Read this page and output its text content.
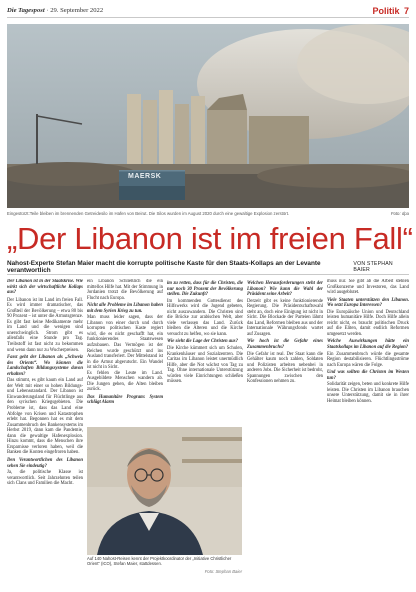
Die Tagespost · 29. September 2022	Politik 7
MAERSK
Eingestürzt:Teile bleiben im brennenden Getreidesilo im Hafen von Beirut. Die Silos wurden im August 2020 durch eine gewaltige Explosion zerstört.	Foto: dpa
„Der Libanon ist im freien Fall“
Nahost-Experte Stefan Maier macht die korrupte politische Kaste für den Staats-Kollaps an der Levante verantwortlich
VON STEPHAN BAIER

Der Libanon ist in der Staatskrise. Wie wirkt sich der wirtschaftliche Kollaps aus?

Der Libanon ist im Land im freien Fall. Es wird immer dramatischer, das Großteil der Bevölkerung – etwa 80 bis 90 Prozent – ist unter die Armutsgrenze. Es gibt fast keine Medikamente mehr im Land und die wenigen sind unerschwinglich. Strom gibt es allenfalls eine Stunde pro Tag. Treibstoff ist fast nicht zu bekommen und wenn dann nur zu Wucherpreisen.

Fasst geht der Libanon als „Schweiz des Orients“. Wo können die Landschaften Bildungssysteme davon erhalten?

Das stimmt, es gibt kaum ein Land auf der Welt mit einer so hohen Bildungs- und Lebensstandard. Der Libanon ist Einwanderungsland für Flüchtlinge aus den syrischen Kriegsgebieten. Die Probleme ist, dass das Land eine Abfolge von Krisen und Katastrophen erlebt hat. Begonnen hat es mit dem Zusammenbruch des Bankensystems im Herbst 2019, dann kam die Pandemie, dann die gewaltige Hafenexplosion. Hinzu kommt, dass die Menschen ihre Ersparnisse verloren haben, weil die Banken die Konten eingefroren haben.

Den Verantwortlichen des Libanon sehen Sie eindeutig?

Ja, die politische Klasse ist verantwortlich. Seit Jahrzehnten teilen sich Clans und Familien die Macht.

ein Libanon Schließlich die ein mittellos Hilfe hat. Mit der Stimmung in Jordanien trotzt die Bevölkerung auf Flucht nach Europa.

Nicht alle Probleme im Libanon haben mit dem Syrien Krieg zu tun.

Man muss leider sagen, dass der Libanon von einer durch und durch korrupten politischen Kaste regiert wird, die es nicht geschafft hat, ein funktionierendes Staatswesen aufzubauen. Das Vermögen ist der Reichen wurde geschützt und ins Ausland transferiert. Der Mittelstand ist in die Armut abgerutscht. Ein Wandel ist nicht in Sicht.

Es fehlen die Leute im Land. Ausgebildete Menschen wandern ab. Die Jungen gehen, die Alten bleiben zurück.

Das Humanitäre Program: System schlägt Alarm

im zu retten, dass für die Christen, die nur noch 30 Prozent der Bevölkerung stellen. Die Zukunft?

Im kommenden Gottesdienst des Hilfswerks wird die Jugend gebeten, nicht auszuwandern. Die Christen sind die Brücke zur arabischen Welt, aber viele verlassen das Land. Zurück bleiben die Älteren und die Kirche versucht zu helfen, wo sie kann.

Wie sieht die Lage der Christen aus?

Die Kirche kümmert sich um Schulen, Krankenhäuser und Sozialzentren. Die Caritas im Libanon leistet unermüdlich Hilfe, aber die Not wächst von Tag zu Tag. Ohne internationale Unterstützung würden viele Einrichtungen schließen müssen.

Auf 140 Nahost-Reisen kennt der Projektkoordinator der „Initiative Christlicher Orient“ (ICO), Stefan Maier, stattdessen.
Foto: Stephan Baier

Welchen Herausforderungen steht der Libanon? Wie kann die Wahl der Präsident seine Arbeit?

Derzeit gibt es keine funktionierende Regierung. Die Präsidentschaftswahl steht an, doch eine Einigung ist nicht in Sicht. Die Blockade der Parteien lähmt das Land, Reformen bleiben aus und der Internationale Währungsfonds wartet auf Zusagen.

Wie hoch ist die Gefahr eines Zusammenbruchs?

Die Gefahr ist real. Der Staat kann die Gehälter kaum noch zahlen, Soldaten und Polizisten arbeiten nebenbei in anderen Jobs. Die Sicherheit ist bedroht, Spannungen zwischen den Konfessionen nehmen zu.

muss nur. Sie gibt ab die Arbeit stehlen Großkonzerne und Investoren, das Land wird ausgeblutet.

Viele Staaten unterstützen den Libanon. Wo setzt Europa Interessen?

Die Europäische Union und Deutschland leisten humanitäre Hilfe. Doch Hilfe allein reicht nicht, es braucht politischen Druck auf die Eliten, damit endlich Reformen umgesetzt werden.

Welche Auswirkungen hätte ein Staatskollaps im Libanon auf die Region?

Ein Zusammenbruch würde die gesamte Region destabilisieren. Flüchtlingsströme nach Europa wären die Folge.

Und was sollten die Christen im Westen tun?

Solidarität zeigen, beten und konkrete Hilfe leisten. Die Christen im Libanon brauchen unsere Unterstützung, damit sie in ihrer Heimat bleiben können.
